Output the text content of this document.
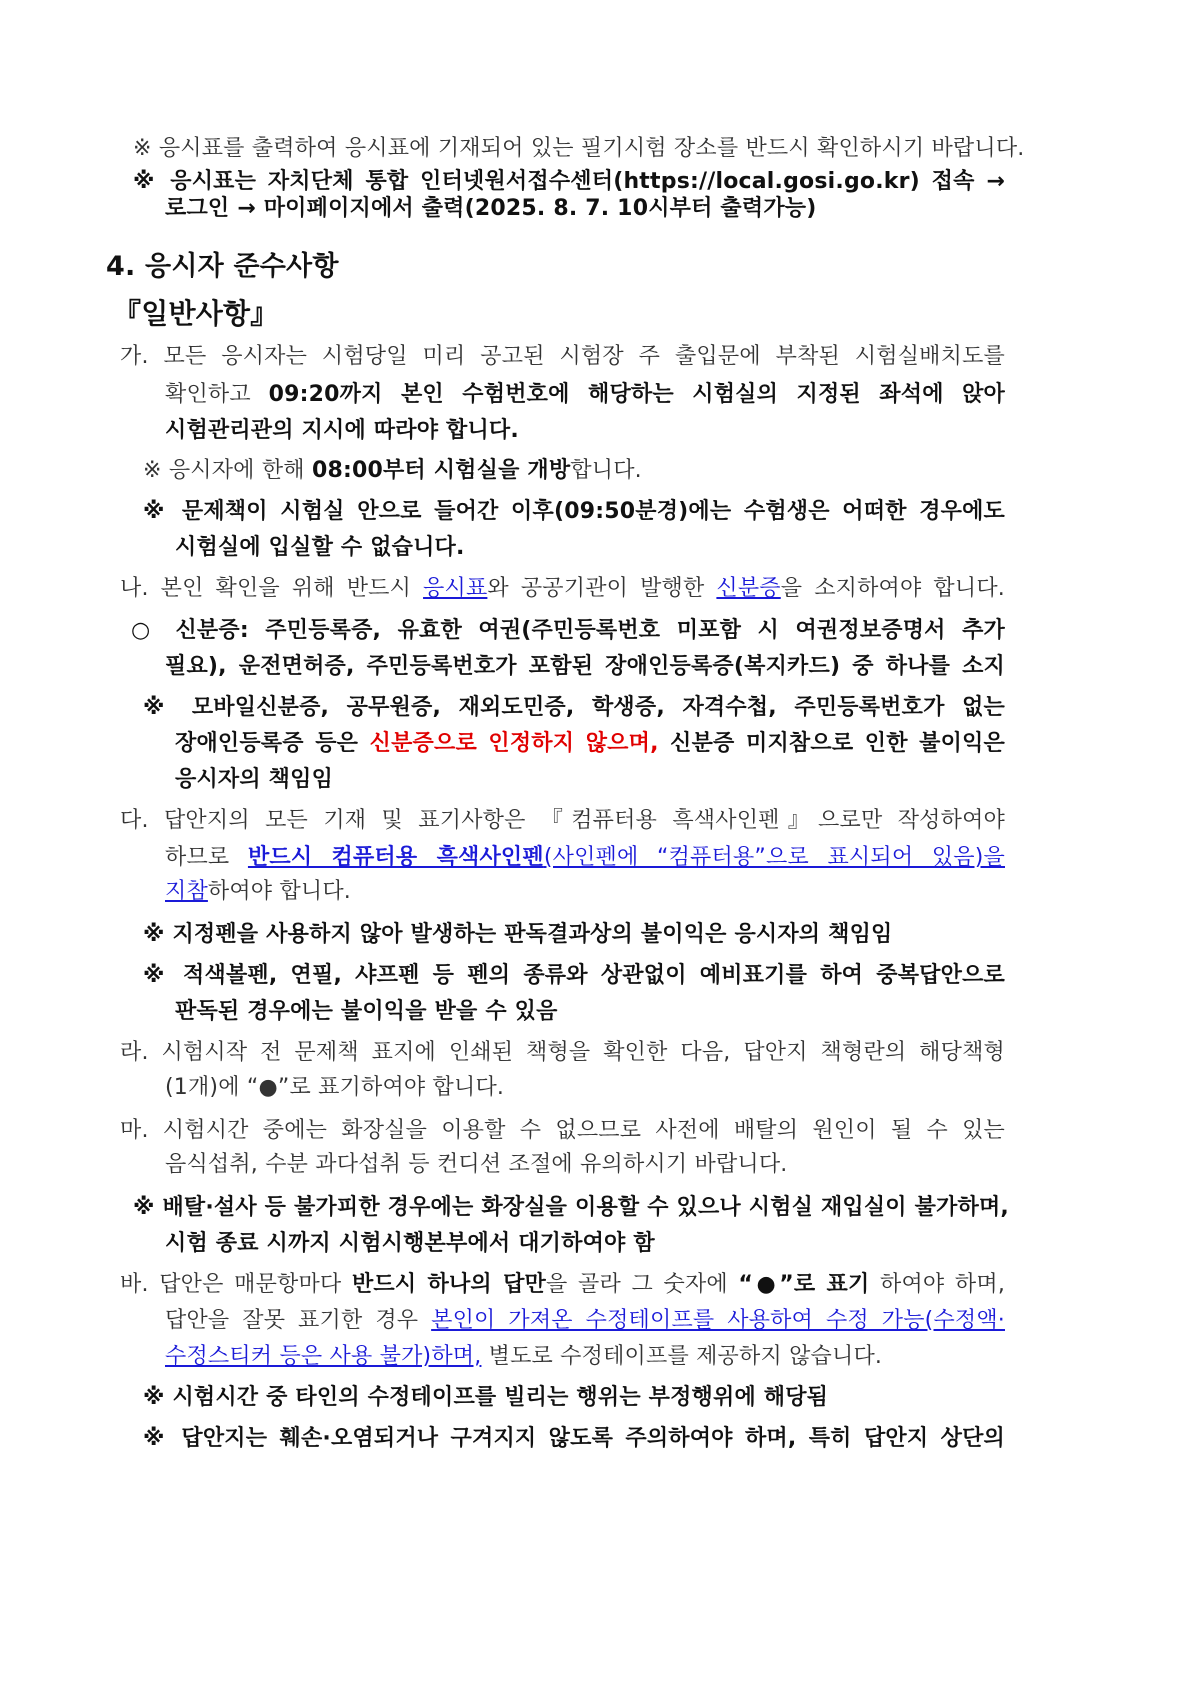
※ 응시표를 출력하여 응시표에 기재되어 있는 필기시험 장소를 반드시 확인하시기 바랍니다.
※ 응시표는 자치단체 통합 인터넷원서접수센터(https://local.gosi.go.kr) 접속 →
로그인 → 마이페이지에서 출력(2025. 8. 7. 10시부터 출력가능)
4. 응시자 준수사항
『일반사항』
가. 모든 응시자는 시험당일 미리 공고된 시험장 주 출입문에 부착된 시험실배치도를
확인하고 09:20까지 본인 수험번호에 해당하는 시험실의 지정된 좌석에 앉아
시험관리관의 지시에 따라야 합니다.
※ 응시자에 한해 08:00부터 시험실을 개방합니다.
※ 문제책이 시험실 안으로 들어간 이후(09:50분경)에는 수험생은 어떠한 경우에도
시험실에 입실할 수 없습니다.
나. 본인 확인을 위해 반드시 응시표와 공공기관이 발행한 신분증을 소지하여야 합니다.
○ 신분증: 주민등록증, 유효한 여권(주민등록번호 미포함 시 여권정보증명서 추가
필요), 운전면허증, 주민등록번호가 포함된 장애인등록증(복지카드) 중 하나를 소지
※ 모바일신분증, 공무원증, 재외도민증, 학생증, 자격수첩, 주민등록번호가 없는
장애인등록증 등은 신분증으로 인정하지 않으며, 신분증 미지참으로 인한 불이익은
응시자의 책임임
다. 답안지의 모든 기재 및 표기사항은 『컴퓨터용 흑색사인펜』으로만 작성하여야
하므로 반드시 컴퓨터용 흑색사인펜(사인펜에 “컴퓨터용”으로 표시되어 있음)을
지참하여야 합니다.
※ 지정펜을 사용하지 않아 발생하는 판독결과상의 불이익은 응시자의 책임임
※ 적색볼펜, 연필, 샤프펜 등 펜의 종류와 상관없이 예비표기를 하여 중복답안으로
판독된 경우에는 불이익을 받을 수 있음
라. 시험시작 전 문제책 표지에 인쇄된 책형을 확인한 다음, 답안지 책형란의 해당책형
(1개)에 “●”로 표기하여야 합니다.
마. 시험시간 중에는 화장실을 이용할 수 없으므로 사전에 배탈의 원인이 될 수 있는
음식섭취, 수분 과다섭취 등 컨디션 조절에 유의하시기 바랍니다.
※ 배탈·설사 등 불가피한 경우에는 화장실을 이용할 수 있으나 시험실 재입실이 불가하며,
시험 종료 시까지 시험시행본부에서 대기하여야 함
바. 답안은 매문항마다 반드시 하나의 답만을 골라 그 숫자에 “●”로 표기 하여야 하며,
답안을 잘못 표기한 경우 본인이 가져온 수정테이프를 사용하여 수정 가능(수정액·
수정스티커 등은 사용 불가)하며, 별도로 수정테이프를 제공하지 않습니다.
※ 시험시간 중 타인의 수정테이프를 빌리는 행위는 부정행위에 해당됨
※ 답안지는 훼손·오염되거나 구겨지지 않도록 주의하여야 하며, 특히 답안지 상단의
